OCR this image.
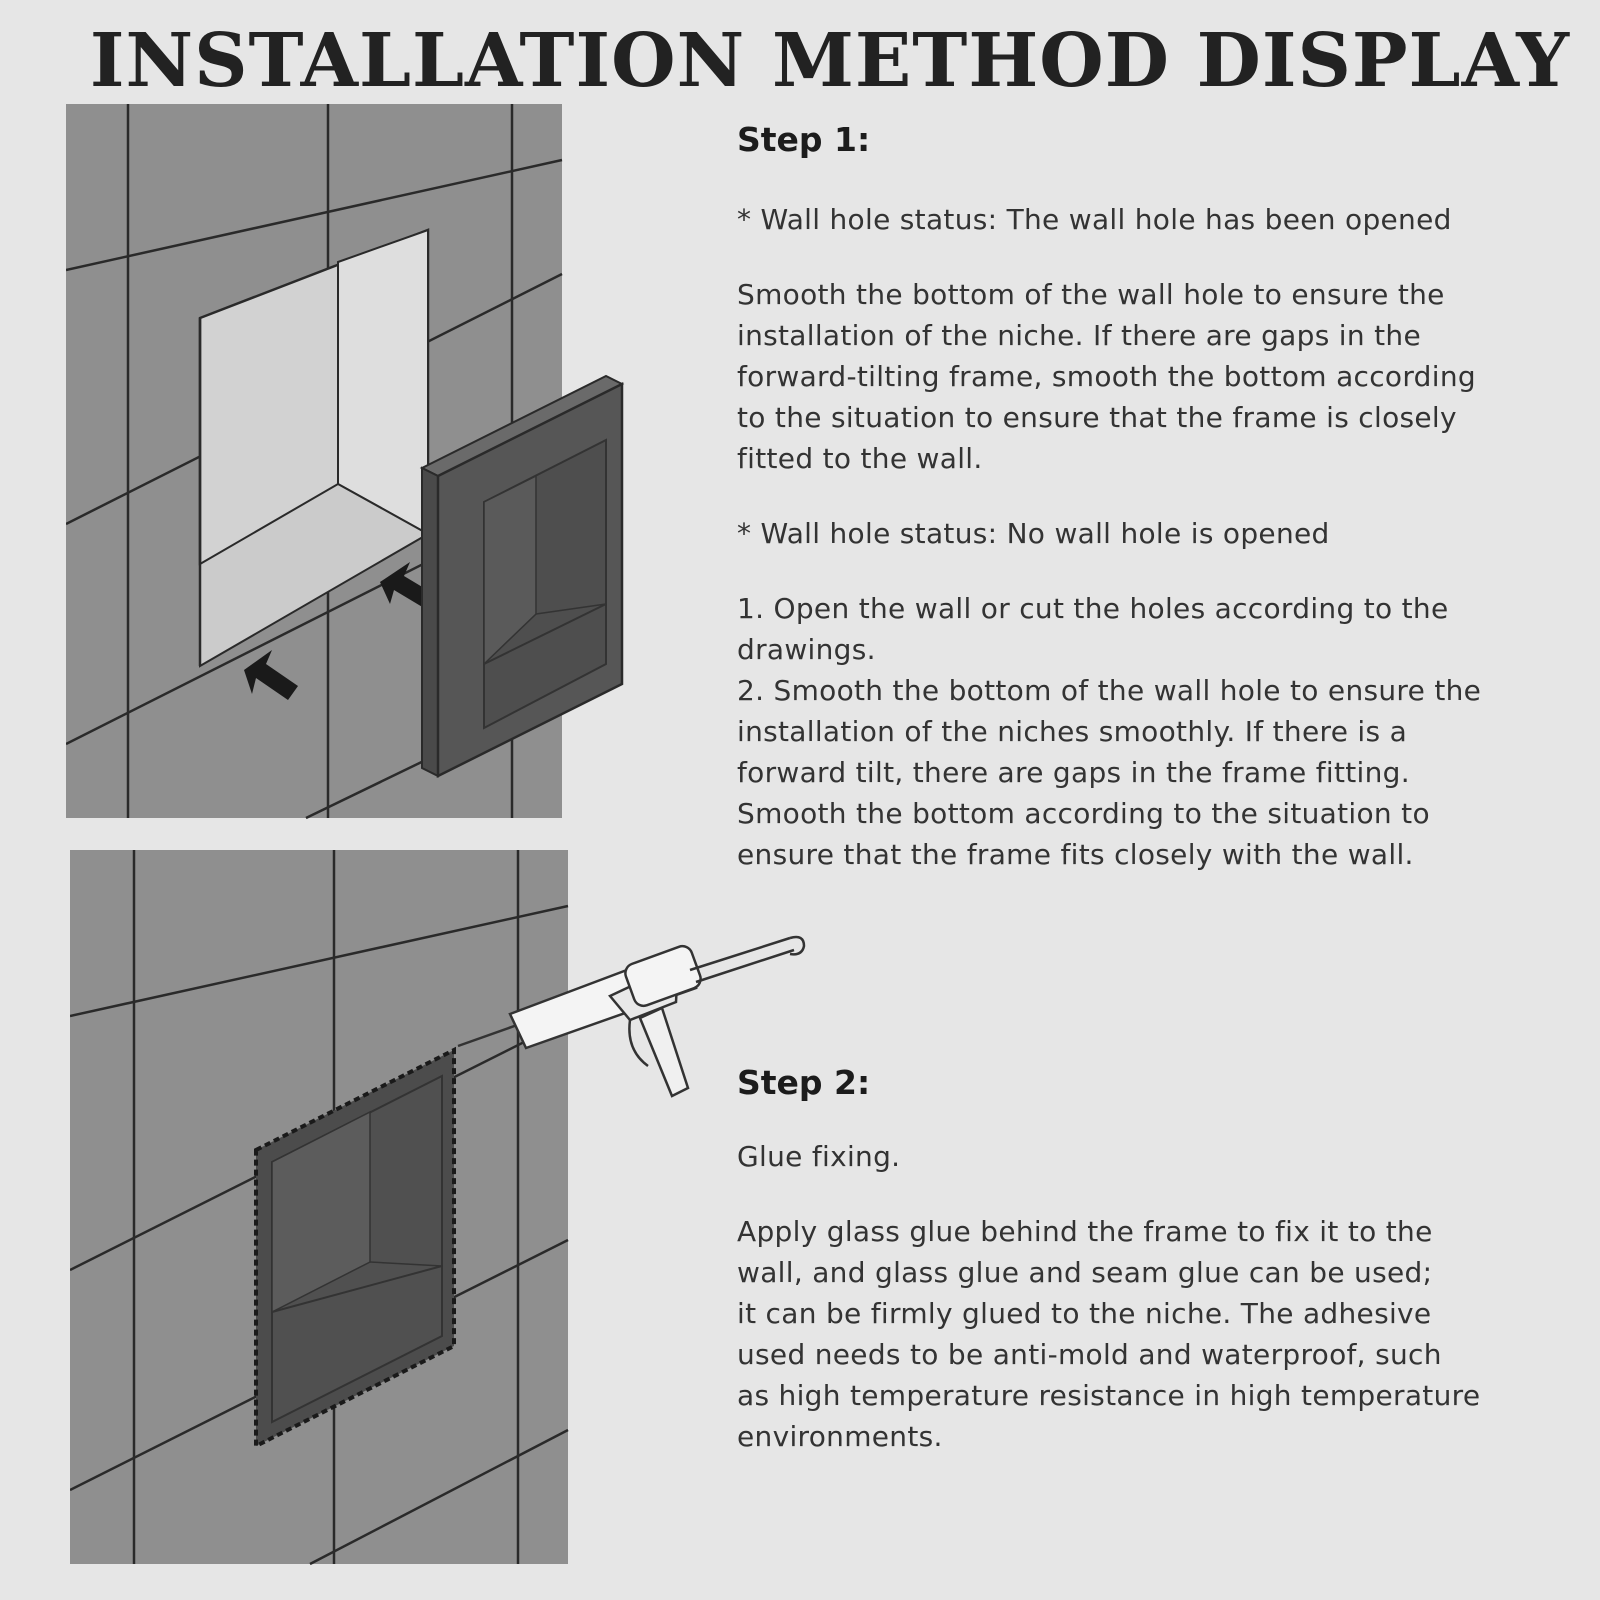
INSTALLATION METHOD DISPLAY

Step 1:

* Wall hole status: The wall hole has been opened

Smooth the bottom of the wall hole to ensure the

installation of the niche. If there are gaps in the

forward-tilting frame, smooth the bottom according

to the situation to ensure that the frame is closely

fitted to the wall.

* Wall hole status: No wall hole is opened

1. Open the wall or cut the holes according to the

drawings.

2. Smooth the bottom of the wall hole to ensure the

installation of the niches smoothly. If there is a

forward tilt, there are gaps in the frame fitting.

Smooth the bottom according to the situation to

ensure that the frame fits closely with the wall.

Step 2:

Glue fixing.

Apply glass glue behind the frame to fix it to the

wall, and glass glue and seam glue can be used;

it can be firmly glued to the niche. The adhesive

used needs to be anti-mold and waterproof, such

as high temperature resistance in high temperature

environments.
